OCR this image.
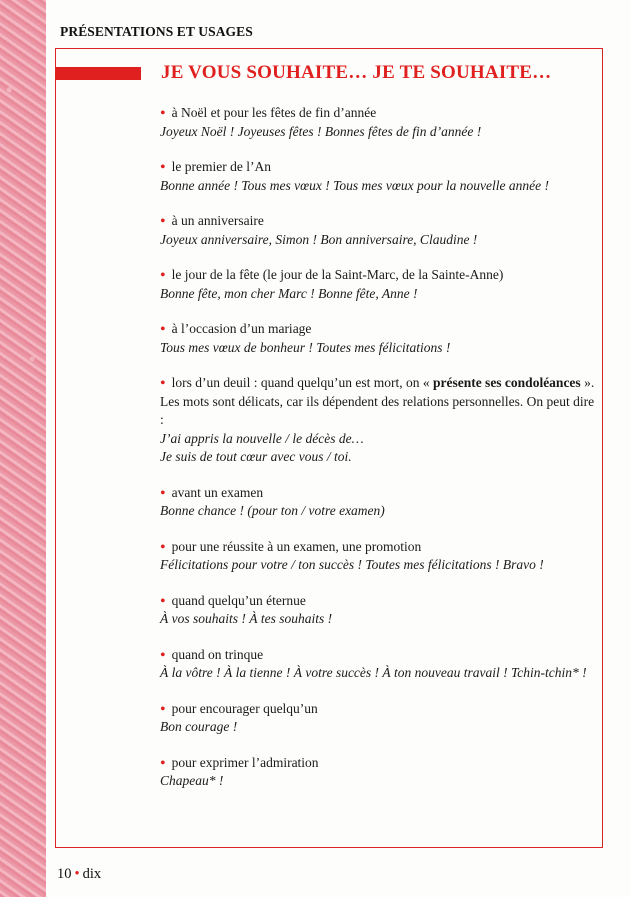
PRÉSENTATIONS ET USAGES
JE VOUS SOUHAITE… JE TE SOUHAITE…
• à Noël et pour les fêtes de fin d’année
Joyeux Noël ! Joyeuses fêtes ! Bonnes fêtes de fin d’année !
• le premier de l’An
Bonne année ! Tous mes vœux ! Tous mes vœux pour la nouvelle année !
• à un anniversaire
Joyeux anniversaire, Simon ! Bon anniversaire, Claudine !
• le jour de la fête (le jour de la Saint-Marc, de la Sainte-Anne)
Bonne fête, mon cher Marc ! Bonne fête, Anne !
• à l’occasion d’un mariage
Tous mes vœux de bonheur ! Toutes mes félicitations !
• lors d’un deuil : quand quelqu’un est mort, on « présente ses condoléances ». Les mots sont délicats, car ils dépendent des relations personnelles. On peut dire :
J’ai appris la nouvelle / le décès de…
Je suis de tout cœur avec vous / toi.
• avant un examen
Bonne chance ! (pour ton / votre examen)
• pour une réussite à un examen, une promotion
Félicitations pour votre / ton succès ! Toutes mes félicitations ! Bravo !
• quand quelqu’un éternue
À vos souhaits ! À tes souhaits !
• quand on trinque
À la vôtre ! À la tienne ! À votre succès ! À ton nouveau travail ! Tchin-tchin* !
• pour encourager quelqu’un
Bon courage !
• pour exprimer l’admiration
Chapeau* !
10 • dix
